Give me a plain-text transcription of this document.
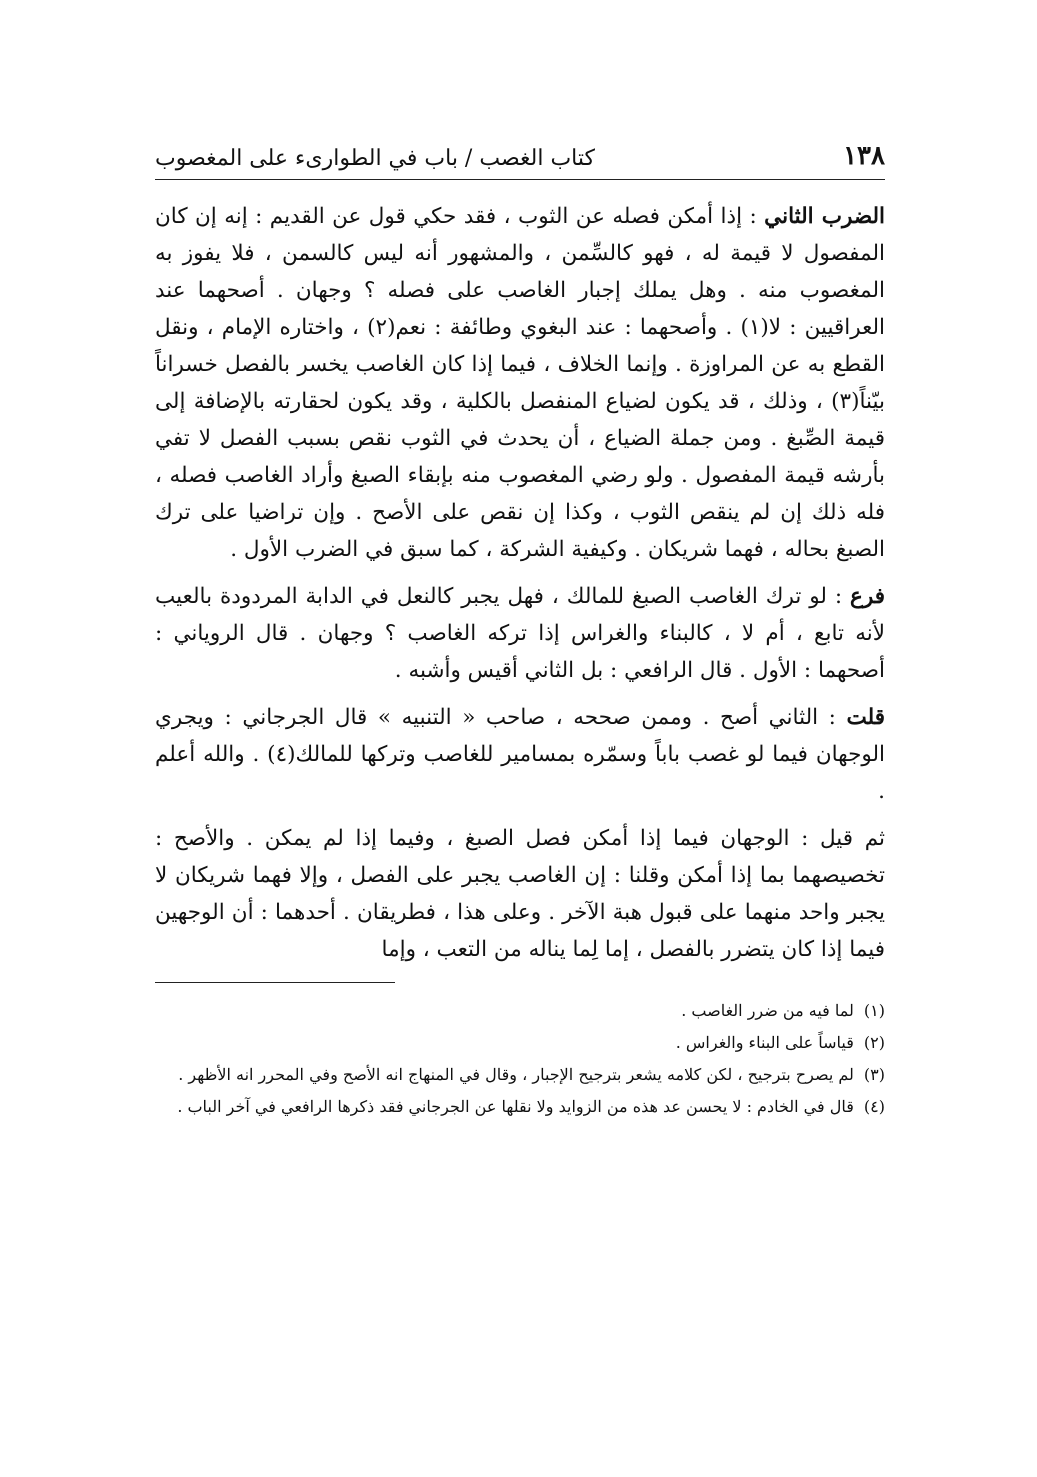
١٣٨
كتاب الغصب / باب في الطوارىء على المغصوب

الضرب الثاني : إذا أمكن فصله عن الثوب ، فقد حكي قول عن القديم : إنه إن كان المفصول لا قيمة له ، فهو كالسِّمن ، والمشهور أنه ليس كالسمن ، فلا يفوز به المغصوب منه . وهل يملك إجبار الغاصب على فصله ؟ وجهان . أصحهما عند العراقيين : لا(١) . وأصحهما : عند البغوي وطائفة : نعم(٢) ، واختاره الإمام ، ونقل القطع به عن المراوزة . وإنما الخلاف ، فيما إذا كان الغاصب يخسر بالفصل خسراناً بيّناً(٣) ، وذلك ، قد يكون لضياع المنفصل بالكلية ، وقد يكون لحقارته بالإضافة إلى قيمة الصِّبغ . ومن جملة الضياع ، أن يحدث في الثوب نقص بسبب الفصل لا تفي بأرشه قيمة المفصول . ولو رضي المغصوب منه بإبقاء الصبغ وأراد الغاصب فصله ، فله ذلك إن لم ينقص الثوب ، وكذا إن نقص على الأصح . وإن تراضيا على ترك الصبغ بحاله ، فهما شريكان . وكيفية الشركة ، كما سبق في الضرب الأول .

فرع : لو ترك الغاصب الصبغ للمالك ، فهل يجبر كالنعل في الدابة المردودة بالعيب لأنه تابع ، أم لا ، كالبناء والغراس إذا تركه الغاصب ؟ وجهان . قال الروياني : أصحهما : الأول . قال الرافعي : بل الثاني أقيس وأشبه .

قلت : الثاني أصح . وممن صححه ، صاحب « التنبيه » قال الجرجاني : ويجري الوجهان فيما لو غصب باباً وسمّره بمسامير للغاصب وتركها للمالك(٤) . والله أعلم .

ثم قيل : الوجهان فيما إذا أمكن فصل الصبغ ، وفيما إذا لم يمكن . والأصح : تخصيصهما بما إذا أمكن وقلنا : إن الغاصب يجبر على الفصل ، وإلا فهما شريكان لا يجبر واحد منهما على قبول هبة الآخر . وعلى هذا ، فطريقان . أحدهما : أن الوجهين فيما إذا كان يتضرر بالفصل ، إما لِما يناله من التعب ، وإما

(١)
لما فيه من ضرر الغاصب .
(٢)
قياساً على البناء والغراس .
(٣)
لم يصرح بترجيح ، لكن كلامه يشعر بترجيح الإجبار ، وقال في المنهاج انه الأصح وفي المحرر انه الأظهر .
(٤)
قال في الخادم : لا يحسن عد هذه من الزوايد ولا نقلها عن الجرجاني فقد ذكرها الرافعي في آخر الباب .
